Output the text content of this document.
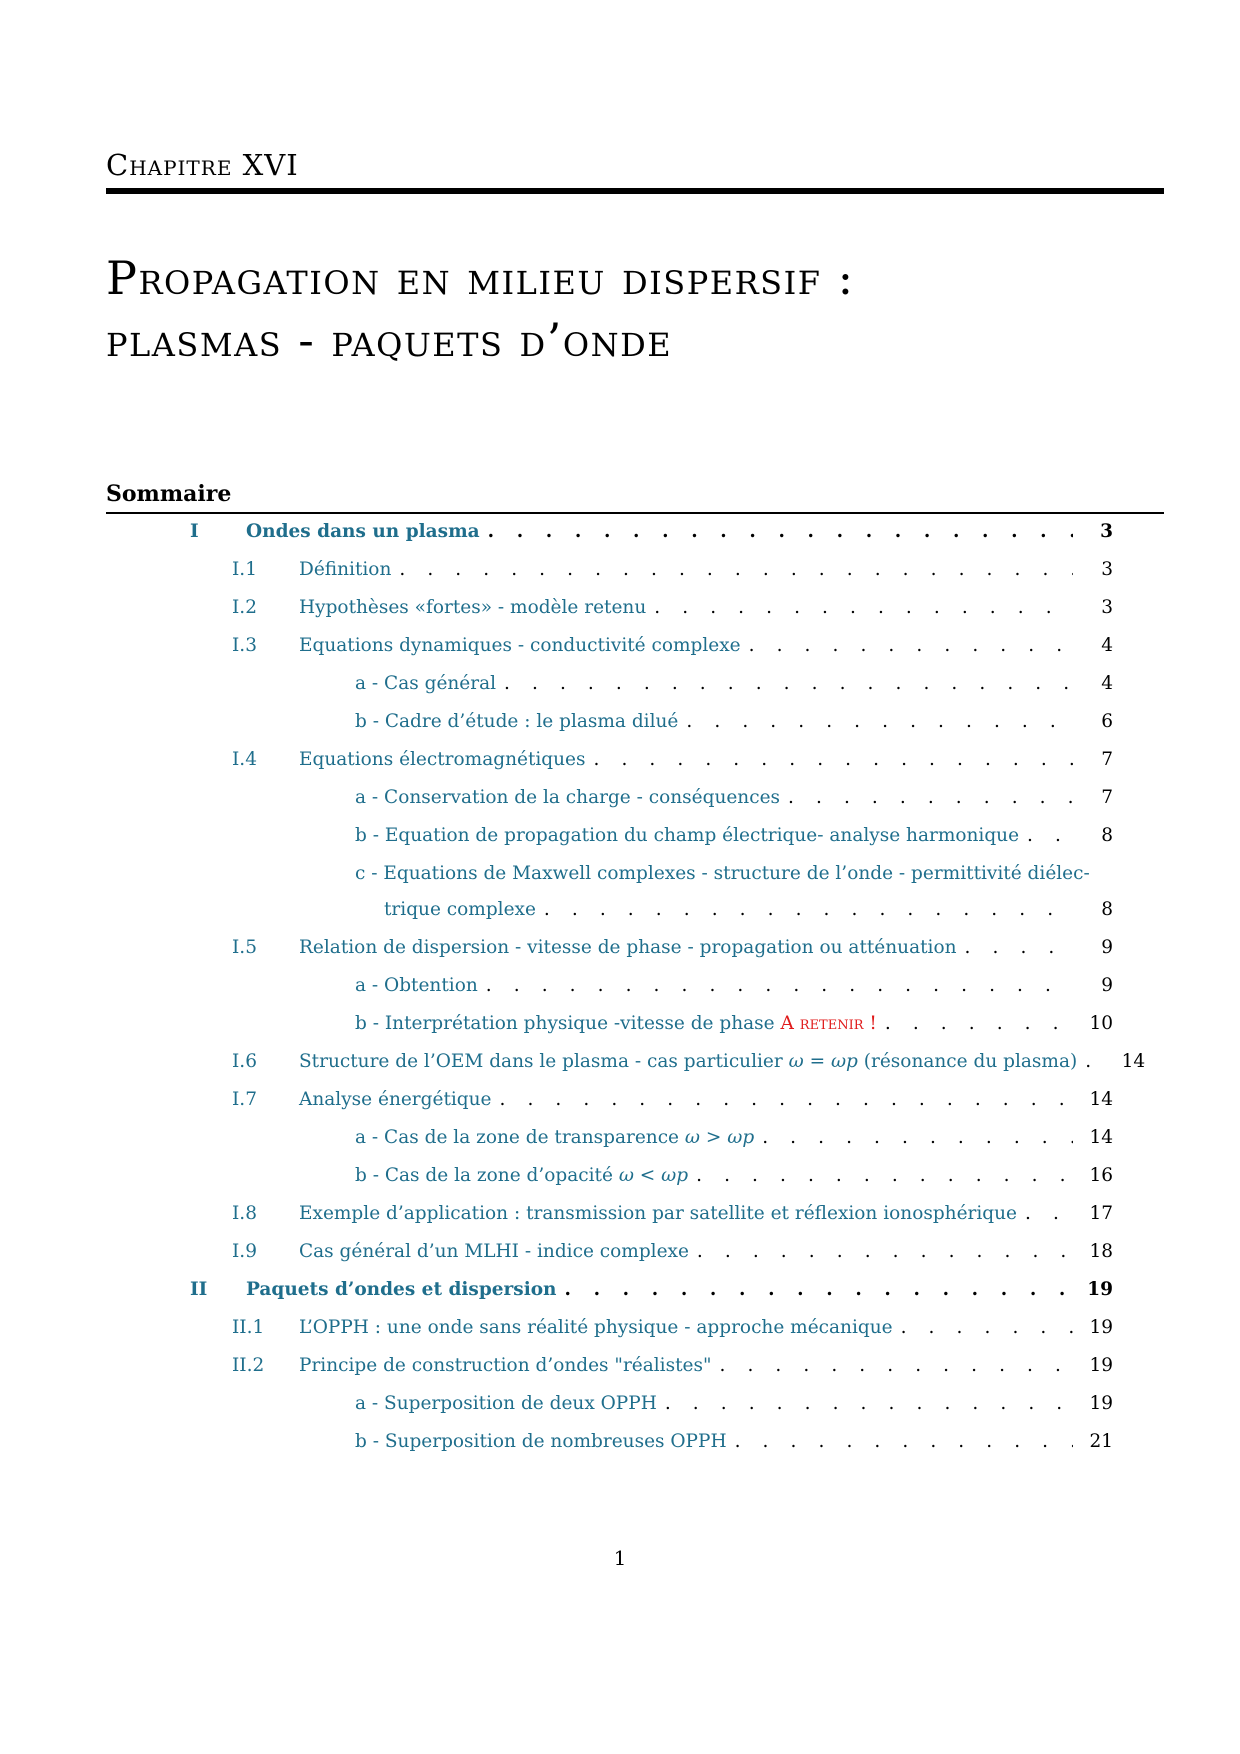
Chapitre XVI
Propagation en milieu dispersif :
plasmas - paquets d’onde
Sommaire
I	Ondes dans un plasma . . .	3
I.1	Définition . . .	3
I.2	Hypothèses «fortes» - modèle retenu . . .	3
I.3	Equations dynamiques - conductivité complexe . . .	4
a - Cas général . . .	4
b - Cadre d’étude : le plasma dilué . . .	6
I.4	Equations électromagnétiques . . .	7
a - Conservation de la charge - conséquences . . .	7
b - Equation de propagation du champ électrique- analyse harmonique . . .	8
c - Equations de Maxwell complexes - structure de l’onde - permittivité diélec-
trique complexe . . .	8
I.5	Relation de dispersion - vitesse de phase - propagation ou atténuation . . .	9
a - Obtention . . .	9
b - Interprétation physique -vitesse de phase A retenir ! . . .	10
I.6	Structure de l’OEM dans le plasma - cas particulier ω = ωp (résonance du plasma) . . .	14
I.7	Analyse énergétique . . .	14
a - Cas de la zone de transparence ω > ωp . . .	14
b - Cas de la zone d’opacité ω < ωp . . .	16
I.8	Exemple d’application : transmission par satellite et réflexion ionosphérique . . .	17
I.9	Cas général d’un MLHI - indice complexe . . .	18
II	Paquets d’ondes et dispersion . . .	19
II.1	L’OPPH : une onde sans réalité physique - approche mécanique . . .	19
II.2	Principe de construction d’ondes "réalistes" . . .	19
a - Superposition de deux OPPH . . .	19
b - Superposition de nombreuses OPPH . . .	21
1
